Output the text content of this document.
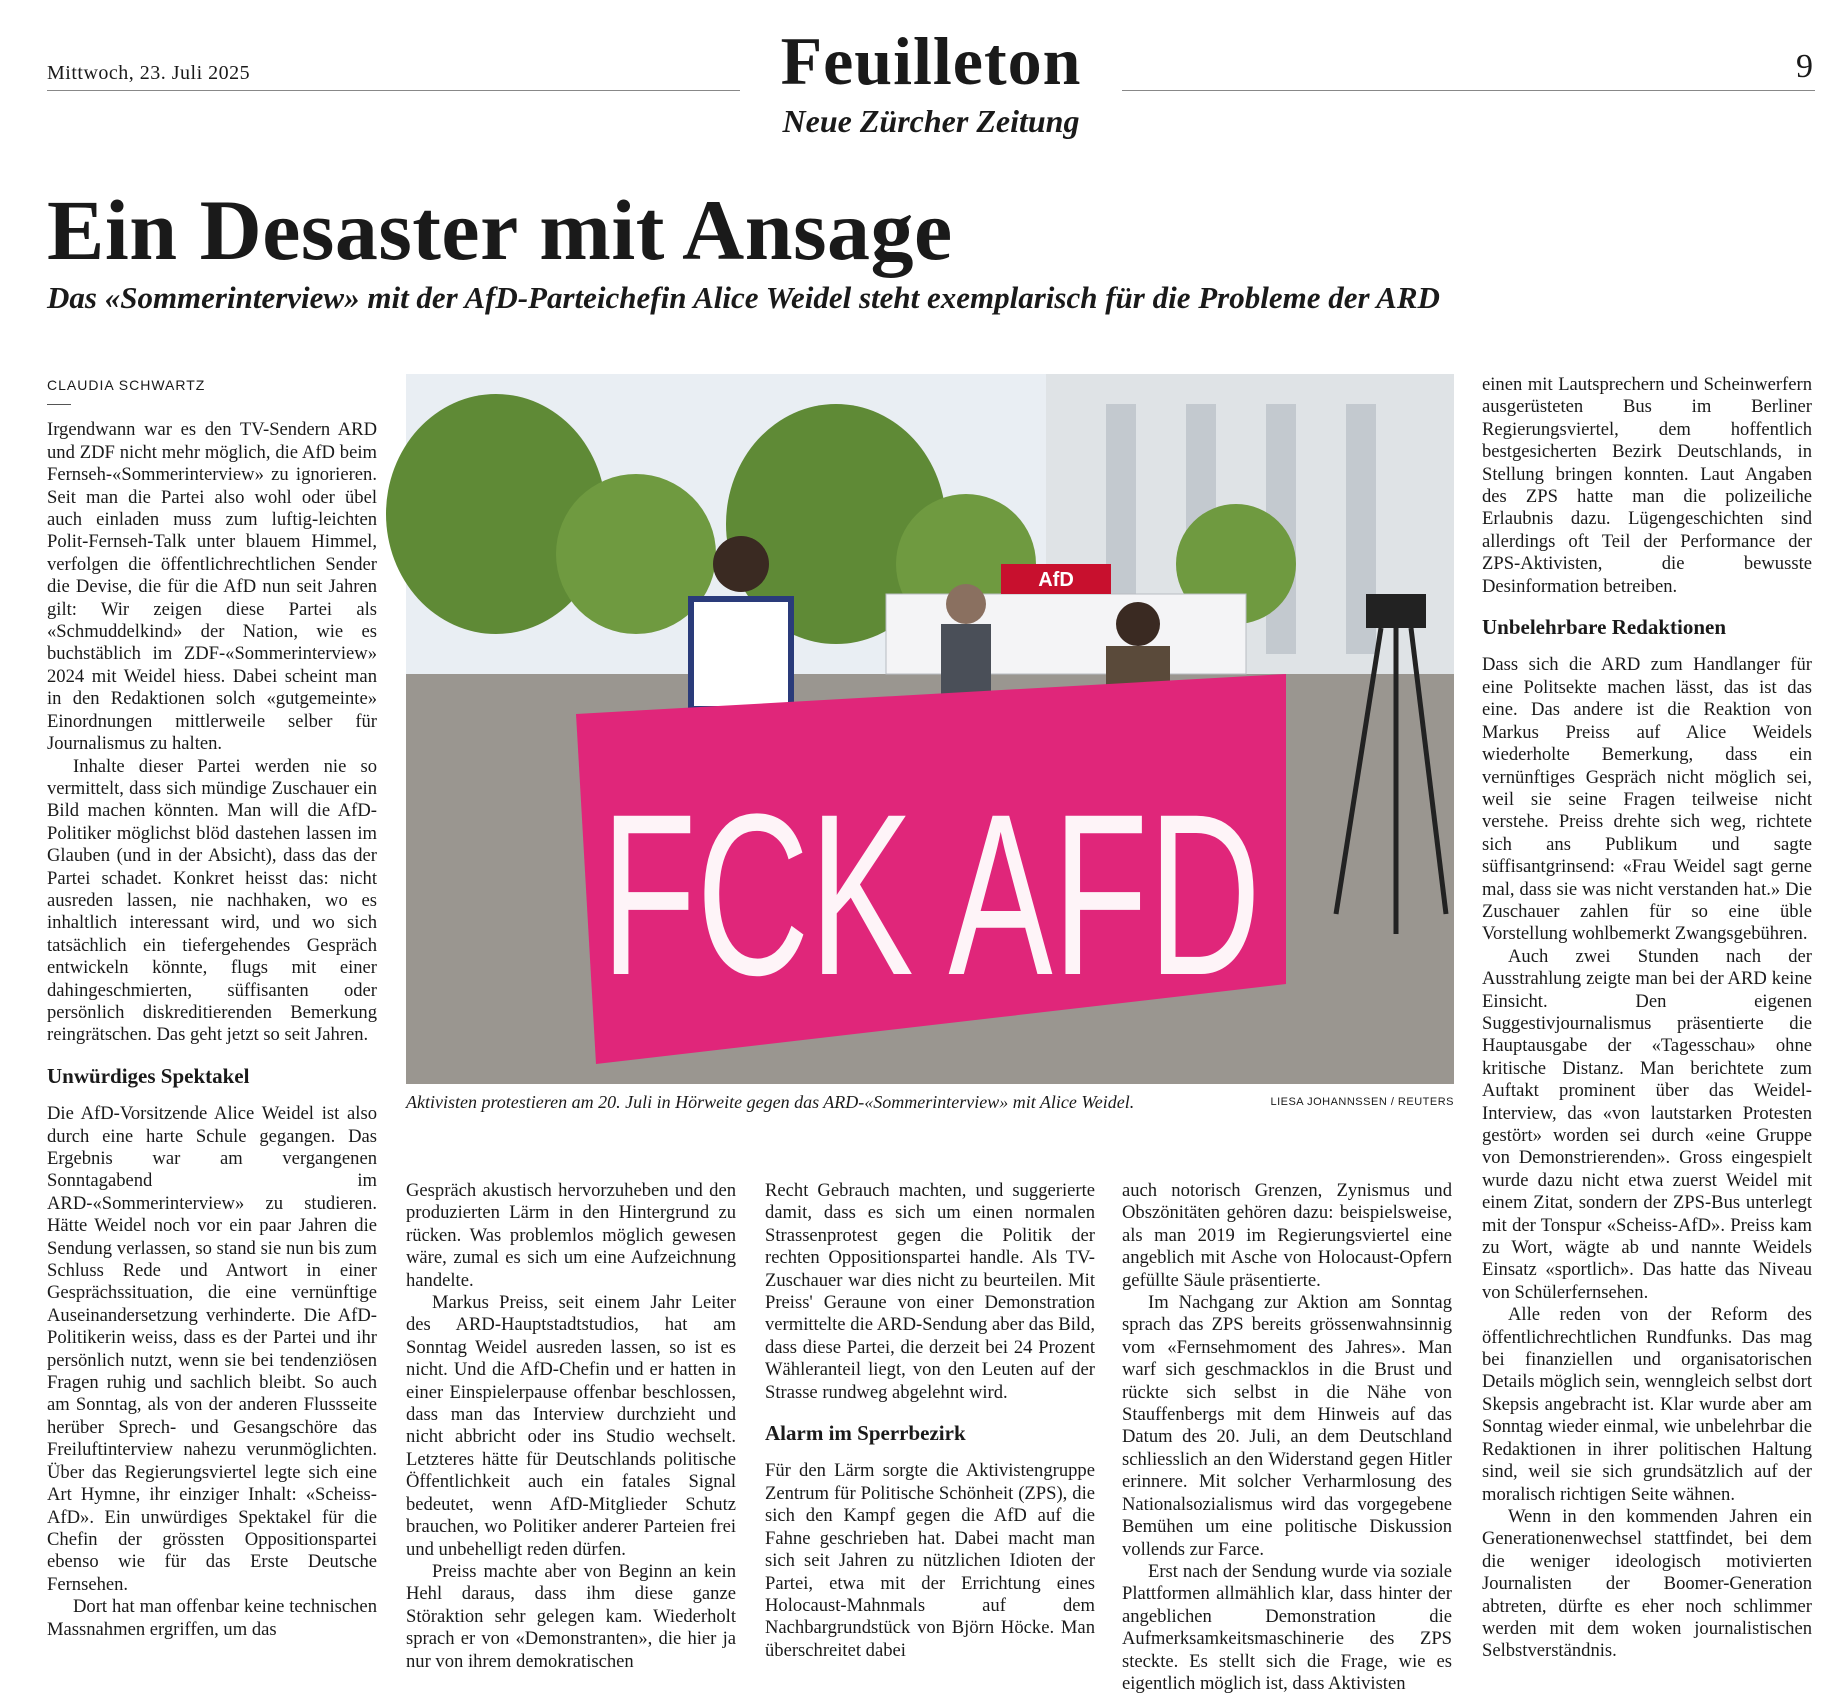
Mittwoch, 23. Juli 2025	Feuilleton
Neue Zürcher Zeitung
9
Ein Desaster mit Ansage
Das «Sommerinterview» mit der AfD-Parteichefin Alice Weidel steht exemplarisch für die Probleme der ARD

CLAUDIA SCHWARTZ

Irgendwann war es den TV-Sendern ARD und ZDF nicht mehr möglich, die AfD beim Fernseh-«Sommerinterview» zu ignorieren. Seit man die Partei also wohl oder übel auch einladen muss zum luftig-leichten Polit-Fernseh-Talk unter blauem Himmel, verfolgen die öffentlichrechtlichen Sender die Devise, die für die AfD nun seit Jahren gilt: Wir zeigen diese Partei als «Schmuddelkind» der Nation, wie es buchstäblich im ZDF-«Sommerinterview» 2024 mit Weidel hiess. Dabei scheint man in den Redaktionen solch «gutgemeinte» Einordnungen mittlerweile selber für Journalismus zu halten.

Inhalte dieser Partei werden nie so vermittelt, dass sich mündige Zuschauer ein Bild machen könnten. Man will die AfD-Politiker möglichst blöd dastehen lassen im Glauben (und in der Absicht), dass das der Partei schadet. Konkret heisst das: nicht ausreden lassen, nie nachhaken, wo es inhaltlich interessant wird, und wo sich tatsächlich ein tiefergehendes Gespräch entwickeln könnte, flugs mit einer dahingeschmierten, süffisanten oder persönlich diskreditierenden Bemerkung reingrätschen. Das geht jetzt so seit Jahren.

Unwürdiges Spektakel

Die AfD-Vorsitzende Alice Weidel ist also durch eine harte Schule gegangen. Das Ergebnis war am vergangenen Sonntagabend im ARD-«Sommerinterview» zu studieren. Hätte Weidel noch vor ein paar Jahren die Sendung verlassen, so stand sie nun bis zum Schluss Rede und Antwort in einer Gesprächssituation, die eine vernünftige Auseinandersetzung verhinderte. Die AfD-Politikerin weiss, dass es der Partei und ihr persönlich nutzt, wenn sie bei tendenziösen Fragen ruhig und sachlich bleibt. So auch am Sonntag, als von der anderen Flussseite herüber Sprech- und Gesangschöre das Freiluftinterview nahezu verunmöglichten. Über das Regierungsviertel legte sich eine Art Hymne, ihr einziger Inhalt: «Scheiss-AfD». Ein unwürdiges Spektakel für die Chefin der grössten Oppositionspartei ebenso wie für das Erste Deutsche Fernsehen.

Dort hat man offenbar keine technischen Massnahmen ergriffen, um das

AfD
FCK AFD
Aktivisten protestieren am 20. Juli in Hörweite gegen das ARD-«Sommerinterview» mit Alice Weidel.	LIESA JOHANNSSEN / REUTERS

Gespräch akustisch hervorzuheben und den produzierten Lärm in den Hintergrund zu rücken. Was problemlos möglich gewesen wäre, zumal es sich um eine Aufzeichnung handelte.

Markus Preiss, seit einem Jahr Leiter des ARD-Hauptstadtstudios, hat am Sonntag Weidel ausreden lassen, so ist es nicht. Und die AfD-Chefin und er hatten in einer Einspielerpause offenbar beschlossen, dass man das Interview durchzieht und nicht abbricht oder ins Studio wechselt. Letzteres hätte für Deutschlands politische Öffentlichkeit auch ein fatales Signal bedeutet, wenn AfD-Mitglieder Schutz brauchen, wo Politiker anderer Parteien frei und unbehelligt reden dürfen.

Preiss machte aber von Beginn an kein Hehl daraus, dass ihm diese ganze Störaktion sehr gelegen kam. Wiederholt sprach er von «Demonstranten», die hier ja nur von ihrem demokratischen

Recht Gebrauch machten, und suggerierte damit, dass es sich um einen normalen Strassenprotest gegen die Politik der rechten Oppositionspartei handle. Als TV-Zuschauer war dies nicht zu beurteilen. Mit Preiss' Geraune von einer Demonstration vermittelte die ARD-Sendung aber das Bild, dass diese Partei, die derzeit bei 24 Prozent Wähleranteil liegt, von den Leuten auf der Strasse rundweg abgelehnt wird.

Alarm im Sperrbezirk

Für den Lärm sorgte die Aktivistengruppe Zentrum für Politische Schönheit (ZPS), die sich den Kampf gegen die AfD auf die Fahne geschrieben hat. Dabei macht man sich seit Jahren zu nützlichen Idioten der Partei, etwa mit der Errichtung eines Holocaust-Mahnmals auf dem Nachbargrundstück von Björn Höcke. Man überschreitet dabei

auch notorisch Grenzen, Zynismus und Obszönitäten gehören dazu: beispielsweise, als man 2019 im Regierungsviertel eine angeblich mit Asche von Holocaust-Opfern gefüllte Säule präsentierte.

Im Nachgang zur Aktion am Sonntag sprach das ZPS bereits grössenwahnsinnig vom «Fernsehmoment des Jahres». Man warf sich geschmacklos in die Brust und rückte sich selbst in die Nähe von Stauffenbergs mit dem Hinweis auf das Datum des 20. Juli, an dem Deutschland schliesslich an den Widerstand gegen Hitler erinnere. Mit solcher Verharmlosung des Nationalsozialismus wird das vorgegebene Bemühen um eine politische Diskussion vollends zur Farce.

Erst nach der Sendung wurde via soziale Plattformen allmählich klar, dass hinter der angeblichen Demonstration die Aufmerksamkeitsmaschinerie des ZPS steckte. Es stellt sich die Frage, wie es eigentlich möglich ist, dass Aktivisten

einen mit Lautsprechern und Scheinwerfern ausgerüsteten Bus im Berliner Regierungsviertel, dem hoffentlich bestgesicherten Bezirk Deutschlands, in Stellung bringen konnten. Laut Angaben des ZPS hatte man die polizeiliche Erlaubnis dazu. Lügengeschichten sind allerdings oft Teil der Performance der ZPS-Aktivisten, die bewusste Desinformation betreiben.

Unbelehrbare Redaktionen

Dass sich die ARD zum Handlanger für eine Politsekte machen lässt, das ist das eine. Das andere ist die Reaktion von Markus Preiss auf Alice Weidels wiederholte Bemerkung, dass ein vernünftiges Gespräch nicht möglich sei, weil sie seine Fragen teilweise nicht verstehe. Preiss drehte sich weg, richtete sich ans Publikum und sagte süffisantgrinsend: «Frau Weidel sagt gerne mal, dass sie was nicht verstanden hat.» Die Zuschauer zahlen für so eine üble Vorstellung wohlbemerkt Zwangsgebühren.

Auch zwei Stunden nach der Ausstrahlung zeigte man bei der ARD keine Einsicht. Den eigenen Suggestivjournalismus präsentierte die Hauptausgabe der «Tagesschau» ohne kritische Distanz. Man berichtete zum Auftakt prominent über das Weidel-Interview, das «von lautstarken Protesten gestört» worden sei durch «eine Gruppe von Demonstrierenden». Gross eingespielt wurde dazu nicht etwa zuerst Weidel mit einem Zitat, sondern der ZPS-Bus unterlegt mit der Tonspur «Scheiss-AfD». Preiss kam zu Wort, wägte ab und nannte Weidels Einsatz «sportlich». Das hatte das Niveau von Schülerfernsehen.

Alle reden von der Reform des öffentlichrechtlichen Rundfunks. Das mag bei finanziellen und organisatorischen Details möglich sein, wenngleich selbst dort Skepsis angebracht ist. Klar wurde aber am Sonntag wieder einmal, wie unbelehrbar die Redaktionen in ihrer politischen Haltung sind, weil sie sich grundsätzlich auf der moralisch richtigen Seite wähnen.

Wenn in den kommenden Jahren ein Generationenwechsel stattfindet, bei dem die weniger ideologisch motivierten Journalisten der Boomer-Generation abtreten, dürfte es eher noch schlimmer werden mit dem woken journalistischen Selbstverständnis.
